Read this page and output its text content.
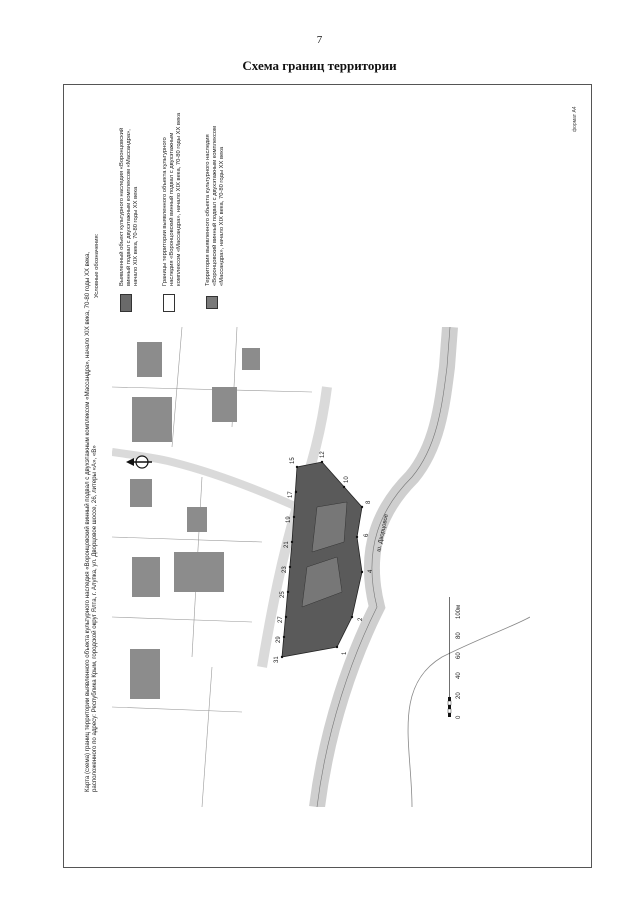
7
Схема границ территории
Карта (схема) границ территории выявленного объекта культурного наследия «Воронцовский винный подвал с двухэтажным комплексом «Массандра», начало XIX века, 70-80 годы XX века, расположенного по адресу: Республика Крым, городской округ Ялта, г. Алупка, ул. Дворцовое шоссе, 26, литеры «А», «В»	31
29
27
25
23
21
19
17
15
12
10
8
6
4
2
1
ш. Дворцовое
0
20
40
60
80
100м
Условные обозначения:	Выявленный объект культурного наследия «Воронцовский винный подвал с двухэтажным комплексом «Массандра», начало XIX века, 70-80 годы XX века	Границы территории выявленного объекта культурного наследия «Воронцовский винный подвал с двухэтажным комплексом «Массандра», начало XIX века, 70-80 годы XX века	Территория выявленного объекта культурного наследия «Воронцовский винный подвал с двухэтажным комплексом «Массандра», начало XIX века, 70-80 годы XX века
формат А4
